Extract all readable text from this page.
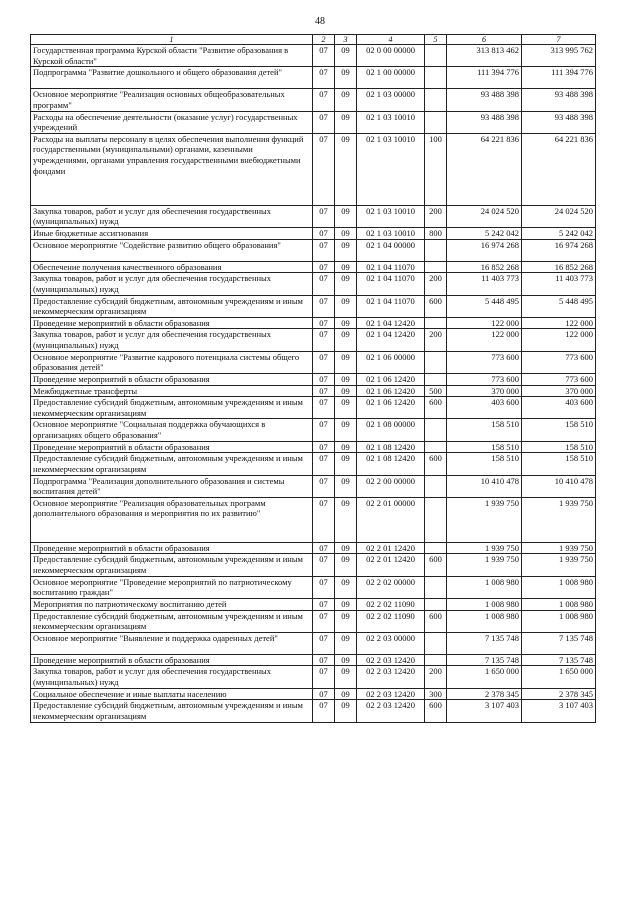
48
1	2	3	4	5	6	7
Государственная программа Курской области "Развитие образования в Курской области"	07	09	02 0 00 00000		313 813 462	313 995 762
Подпрограмма "Развитие дошкольного и общего образования детей"	07	09	02 1 00 00000		111 394 776	111 394 776
Основное мероприятие "Реализация основных общеобразовательных программ"	07	09	02 1 03 00000		93 488 398	93 488 398
Расходы на обеспечение деятельности (оказание услуг) государственных учреждений	07	09	02 1 03 10010		93 488 398	93 488 398
Расходы на выплаты персоналу в целях обеспечения выполнения функций государственными (муниципальными) органами, казенными учреждениями, органами управления государственными внебюджетными фондами	07	09	02 1 03 10010	100	64 221 836	64 221 836
Закупка товаров, работ и услуг для обеспечения государственных (муниципальных) нужд	07	09	02 1 03 10010	200	24 024 520	24 024 520
Иные бюджетные ассигнования	07	09	02 1 03 10010	800	5 242 042	5 242 042
Основное мероприятие "Содействие развитию общего образования"	07	09	02 1 04 00000		16 974 268	16 974 268
Обеспечение получения качественного образования	07	09	02 1 04 11070		16 852 268	16 852 268
Закупка товаров, работ и услуг для обеспечения государственных (муниципальных) нужд	07	09	02 1 04 11070	200	11 403 773	11 403 773
Предоставление субсидий бюджетным, автономным учреждениям и иным некоммерческим организациям	07	09	02 1 04 11070	600	5 448 495	5 448 495
Проведение мероприятий в области образования	07	09	02 1 04 12420		122 000	122 000
Закупка товаров, работ и услуг для обеспечения государственных (муниципальных) нужд	07	09	02 1 04 12420	200	122 000	122 000
Основное мероприятие "Развитие кадрового потенциала системы общего образования детей"	07	09	02 1 06 00000		773 600	773 600
Проведение мероприятий в области образования	07	09	02 1 06 12420		773 600	773 600
Межбюджетные трансферты	07	09	02 1 06 12420	500	370 000	370 000
Предоставление субсидий бюджетным, автономным учреждениям и иным некоммерческим организациям	07	09	02 1 06 12420	600	403 600	403 600
Основное мероприятие "Социальная поддержка обучающихся в организациях общего образования"	07	09	02 1 08 00000		158 510	158 510
Проведение мероприятий в области образования	07	09	02 1 08 12420		158 510	158 510
Предоставление субсидий бюджетным, автономным учреждениям и иным некоммерческим организациям	07	09	02 1 08 12420	600	158 510	158 510
Подпрограмма "Реализация дополнительного образования и системы воспитания детей"	07	09	02 2 00 00000		10 410 478	10 410 478
Основное мероприятие "Реализация образовательных программ дополнительного образования и мероприятия по их развитию"	07	09	02 2 01 00000		1 939 750	1 939 750
Проведение мероприятий в области образования	07	09	02 2 01 12420		1 939 750	1 939 750
Предоставление субсидий бюджетным, автономным учреждениям и иным некоммерческим организациям	07	09	02 2 01 12420	600	1 939 750	1 939 750
Основное мероприятие "Проведение мероприятий по патриотическому воспитанию граждан"	07	09	02 2 02 00000		1 008 980	1 008 980
Мероприятия по патриотическому воспитанию детей	07	09	02 2 02 11090		1 008 980	1 008 980
Предоставление субсидий бюджетным, автономным учреждениям и иным некоммерческим организациям	07	09	02 2 02 11090	600	1 008 980	1 008 980
Основное мероприятие "Выявление и поддержка одаренных детей"	07	09	02 2 03 00000		7 135 748	7 135 748
Проведение мероприятий в области образования	07	09	02 2 03 12420		7 135 748	7 135 748
Закупка товаров, работ и услуг для обеспечения государственных (муниципальных) нужд	07	09	02 2 03 12420	200	1 650 000	1 650 000
Социальное обеспечение и иные выплаты населению	07	09	02 2 03 12420	300	2 378 345	2 378 345
Предоставление субсидий бюджетным, автономным учреждениям и иным некоммерческим организациям	07	09	02 2 03 12420	600	3 107 403	3 107 403
